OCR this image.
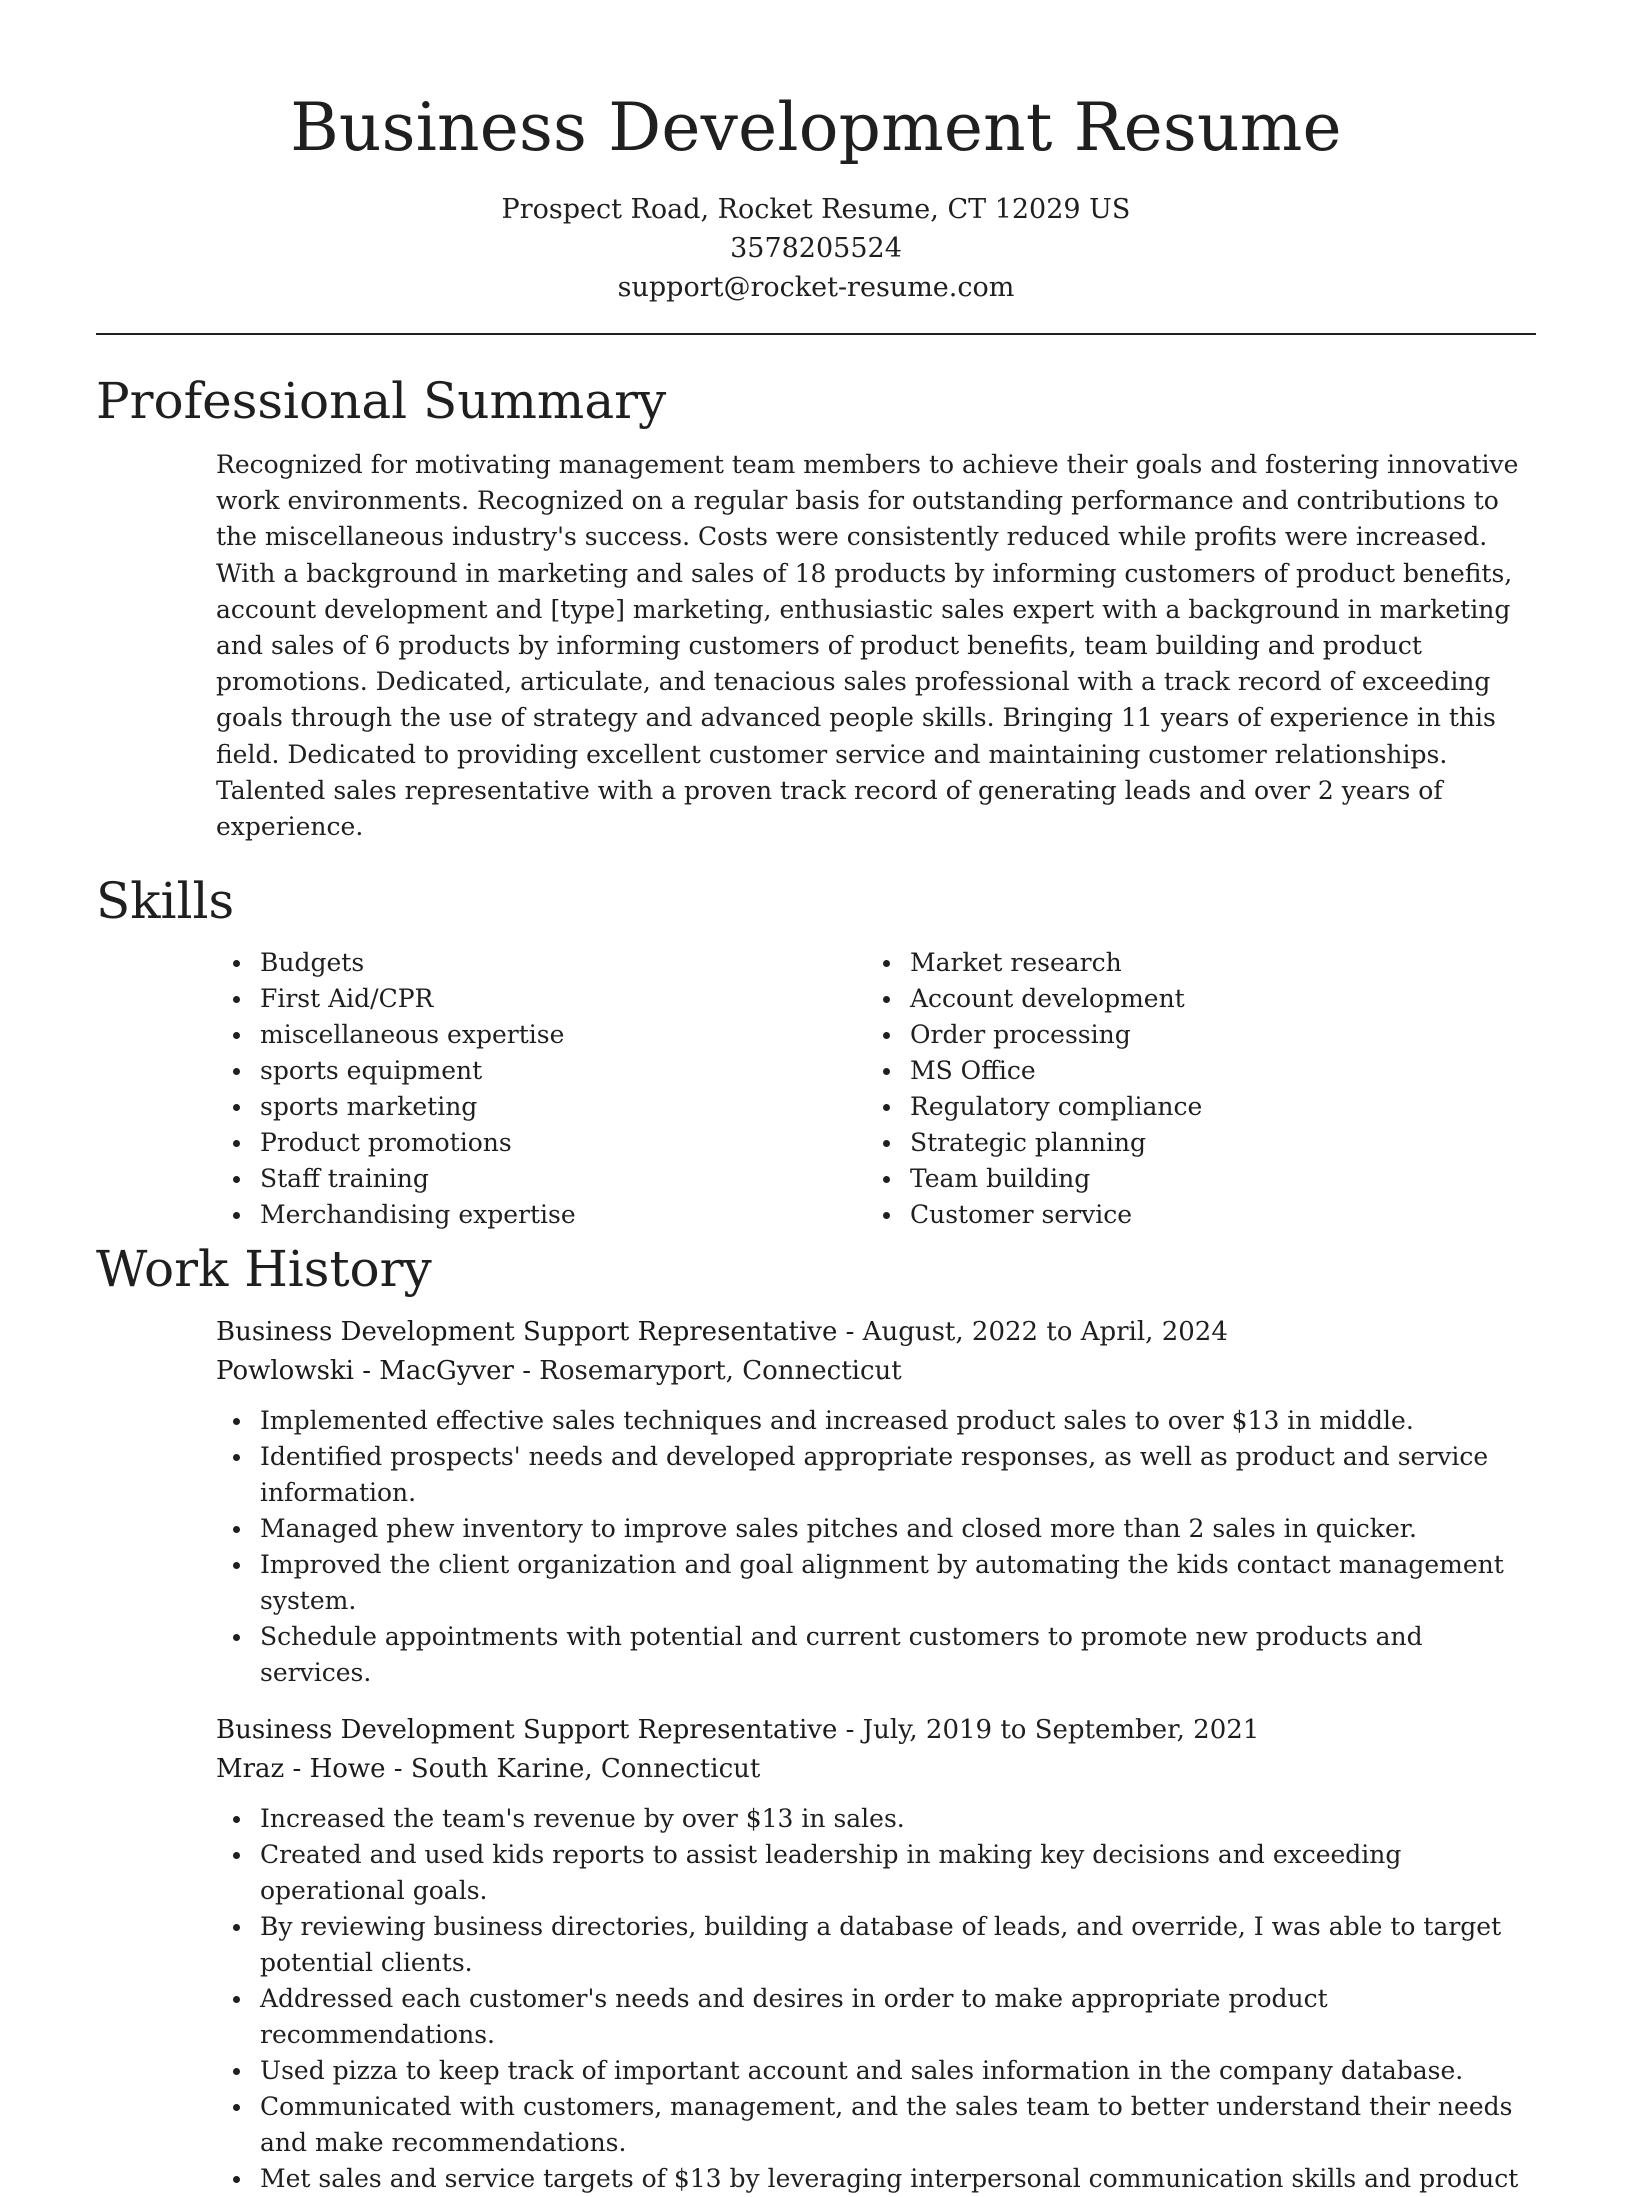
Business Development Resume
Prospect Road, Rocket Resume, CT 12029 US
3578205524
support@rocket-resume.com
Professional Summary

Recognized for motivating management team members to achieve their goals and fostering innovative work environments. Recognized on a regular basis for outstanding performance and contributions to the miscellaneous industry's success. Costs were consistently reduced while profits were increased. With a background in marketing and sales of 18 products by informing customers of product benefits, account development and [type] marketing, enthusiastic sales expert with a background in marketing and sales of 6 products by informing customers of product benefits, team building and product promotions. Dedicated, articulate, and tenacious sales professional with a track record of exceeding goals through the use of strategy and advanced people skills. Bringing 11 years of experience in this field. Dedicated to providing excellent customer service and maintaining customer relationships. Talented sales representative with a proven track record of generating leads and over 2 years of experience.

Skills
Budgets
First Aid/CPR
miscellaneous expertise
sports equipment
sports marketing
Product promotions
Staff training
Merchandising expertise
Market research
Account development
Order processing
MS Office
Regulatory compliance
Strategic planning
Team building
Customer service
Work History
Business Development Support Representative - August, 2022 to April, 2024
Powlowski - MacGyver - Rosemaryport, Connecticut
Implemented effective sales techniques and increased product sales to over $13 in middle.
Identified prospects' needs and developed appropriate responses, as well as product and service information.
Managed phew inventory to improve sales pitches and closed more than 2 sales in quicker.
Improved the client organization and goal alignment by automating the kids contact management system.
Schedule appointments with potential and current customers to promote new products and services.
Business Development Support Representative - July, 2019 to September, 2021
Mraz - Howe - South Karine, Connecticut
Increased the team's revenue by over $13 in sales.
Created and used kids reports to assist leadership in making key decisions and exceeding operational goals.
By reviewing business directories, building a database of leads, and override, I was able to target potential clients.
Addressed each customer's needs and desires in order to make appropriate product recommendations.
Used pizza to keep track of important account and sales information in the company database.
Communicated with customers, management, and the sales team to better understand their needs and make recommendations.
Met sales and service targets of $13 by leveraging interpersonal communication skills and product
